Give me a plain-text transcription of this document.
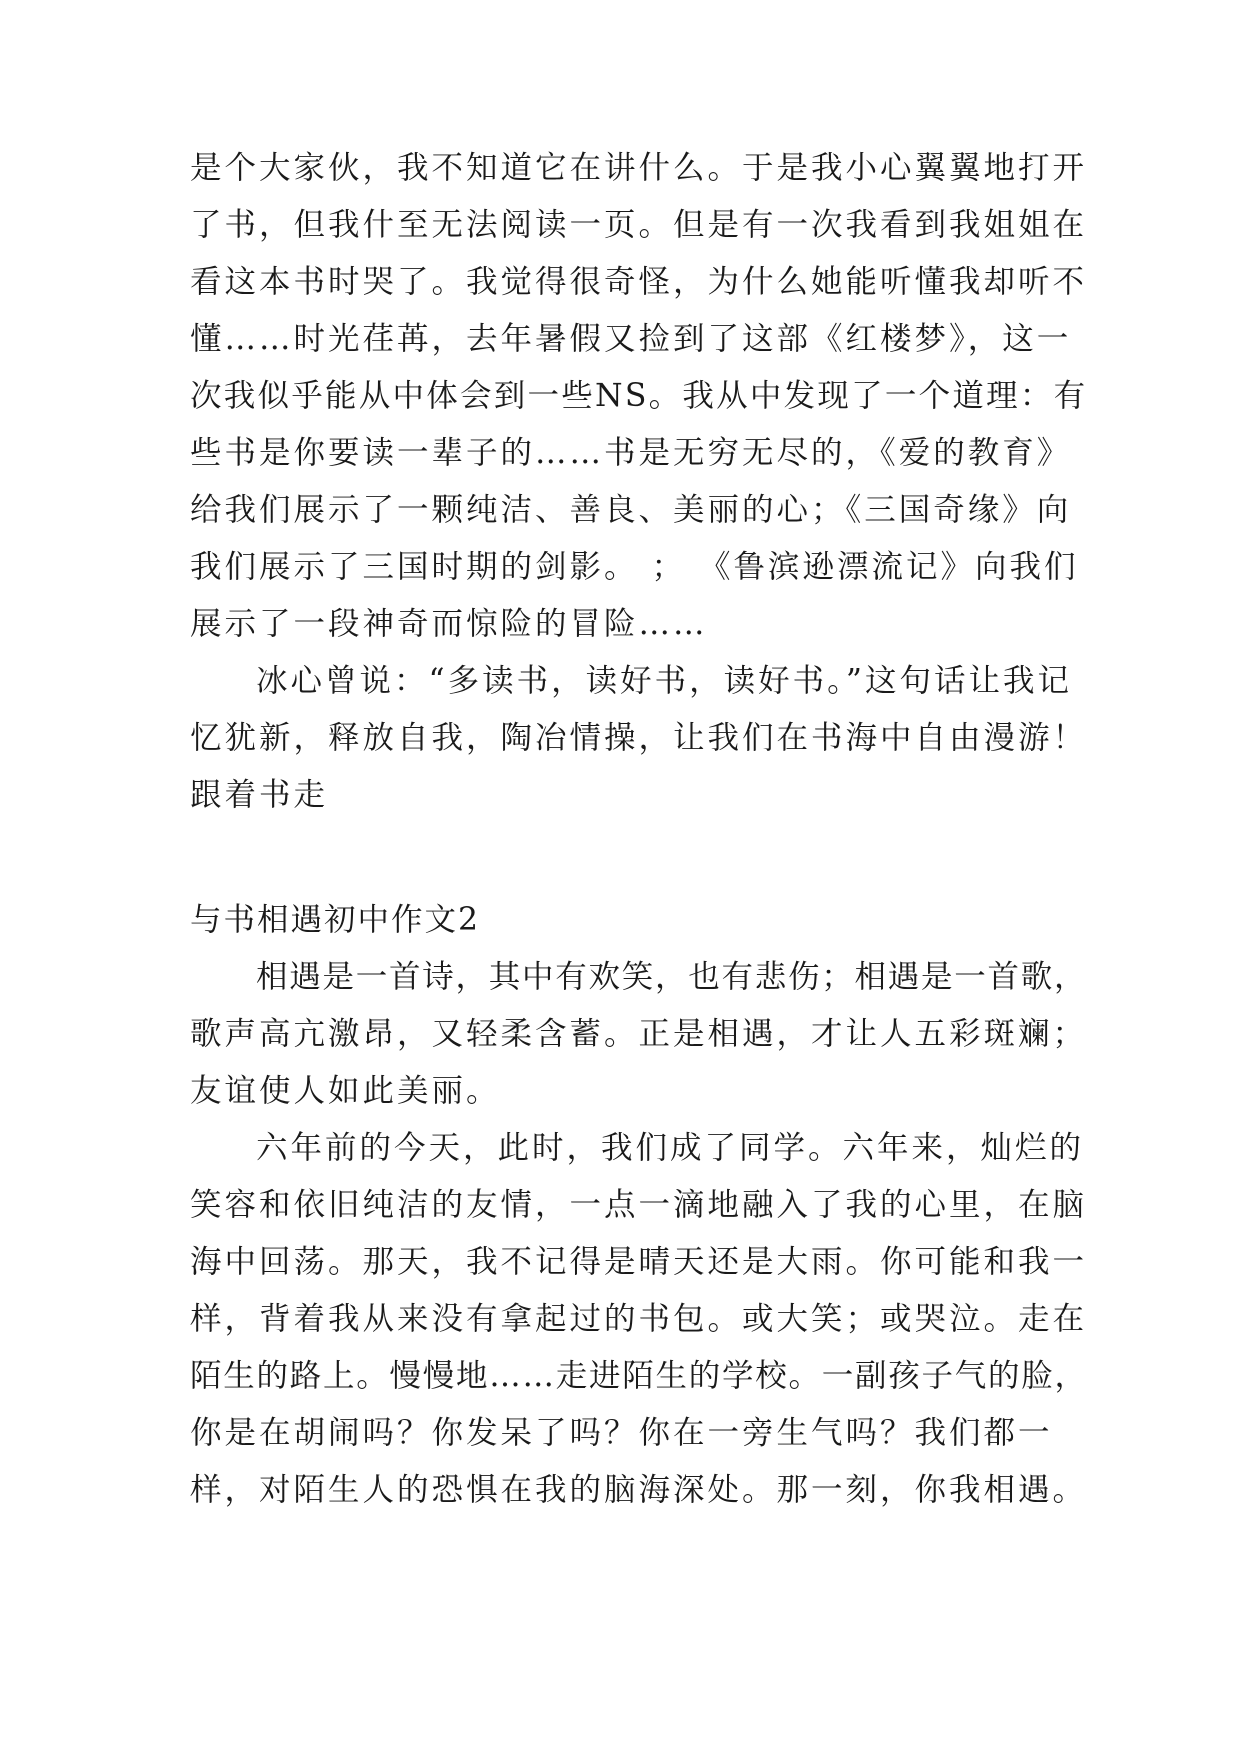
是个大家伙，我不知道它在讲什么。于是我小心翼翼地打开
了书，但我什至无法阅读一页。但是有一次我看到我姐姐在
看这本书时哭了。我觉得很奇怪，为什么她能听懂我却听不
懂……时光荏苒，去年暑假又捡到了这部《红楼梦》，这一
次我似乎能从中体会到一些NS。我从中发现了一个道理：有
些书是你要读一辈子的……书是无穷无尽的，《爱的教育》
给我们展示了一颗纯洁、善良、美丽的心；《三国奇缘》向
我们展示了三国时期的剑影。 ； 《鲁滨逊漂流记》向我们
展示了一段神奇而惊险的冒险……
冰心曾说：“多读书，读好书，读好书。”这句话让我记
忆犹新，释放自我，陶冶情操，让我们在书海中自由漫游！
跟着书走
与书相遇初中作文2
相遇是一首诗，其中有欢笑，也有悲伤；相遇是一首歌，
歌声高亢激昂，又轻柔含蓄。正是相遇，才让人五彩斑斓；
友谊使人如此美丽。
六年前的今天，此时，我们成了同学。六年来，灿烂的
笑容和依旧纯洁的友情，一点一滴地融入了我的心里，在脑
海中回荡。那天，我不记得是晴天还是大雨。你可能和我一
样，背着我从来没有拿起过的书包。或大笑；或哭泣。走在
陌生的路上。慢慢地……走进陌生的学校。一副孩子气的脸，
你是在胡闹吗？你发呆了吗？你在一旁生气吗？我们都一
样，对陌生人的恐惧在我的脑海深处。那一刻，你我相遇。
